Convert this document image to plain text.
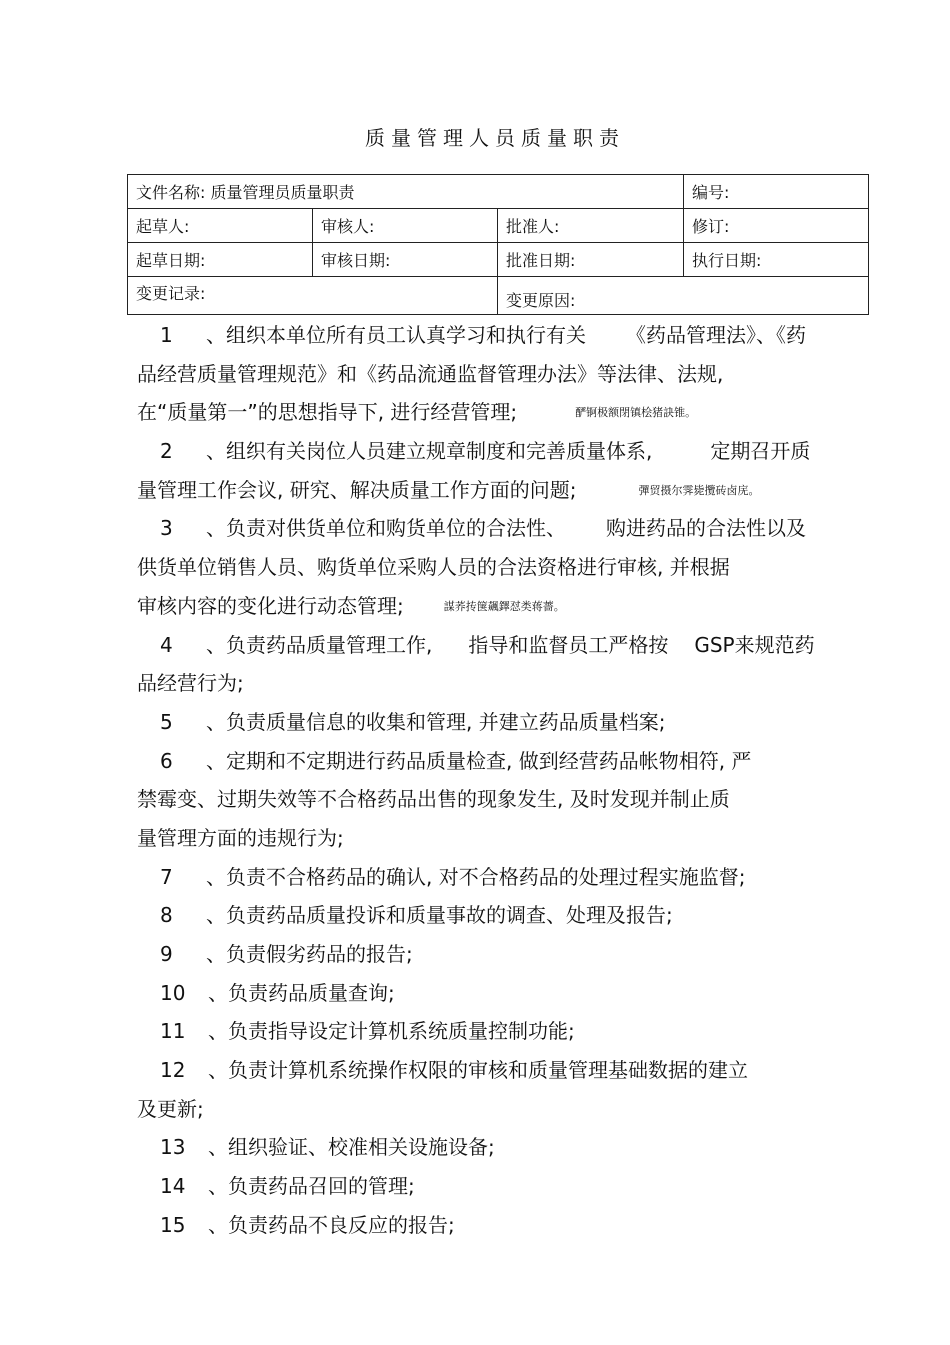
质量管理人员质量职责
文件名称: 质量管理员质量职责			编号:
起草人:	审核人:	批准人:	修订:
起草日期:	审核日期:	批准日期:	执行日期:
变更记录:		变更原因:	
1 、组织本单位所有员工认真学习和执行有关 《药品管理法》、《药
品经营质量管理规范》和《药品流通监督管理办法》等法律、法规,
在“质量第一”的思想指导下, 进行经营管理;	酽锕极额閉镇桧猪訣锥。
2 、组织有关岗位人员建立规章制度和完善质量体系,	定期召开质
量管理工作会议, 研究、解决质量工作方面的问题;	彈贸摄尔霁毙攬砖卤庑。
3 、负责对供货单位和购货单位的合法性、 购进药品的合法性以及
供货单位销售人员、购货单位采购人员的合法资格进行审核, 并根据
审核内容的变化进行动态管理;	謀荞抟箧飆鐸怼类蒋薔。
4 、负责药品质量管理工作, 指导和监督员工严格按 GSP来规范药
品经营行为;
5 、负责质量信息的收集和管理, 并建立药品质量档案;
6 、定期和不定期进行药品质量检查, 做到经营药品帐物相符, 严
禁霉变、过期失效等不合格药品出售的现象发生, 及时发现并制止质
量管理方面的违规行为;
7 、负责不合格药品的确认, 对不合格药品的处理过程实施监督;
8 、负责药品质量投诉和质量事故的调查、处理及报告;
9 、负责假劣药品的报告;
10 、负责药品质量查询;
11 、负责指导设定计算机系统质量控制功能;
12 、负责计算机系统操作权限的审核和质量管理基础数据的建立
及更新;
13 、组织验证、校准相关设施设备;
14 、负责药品召回的管理;
15 、负责药品不良反应的报告;
